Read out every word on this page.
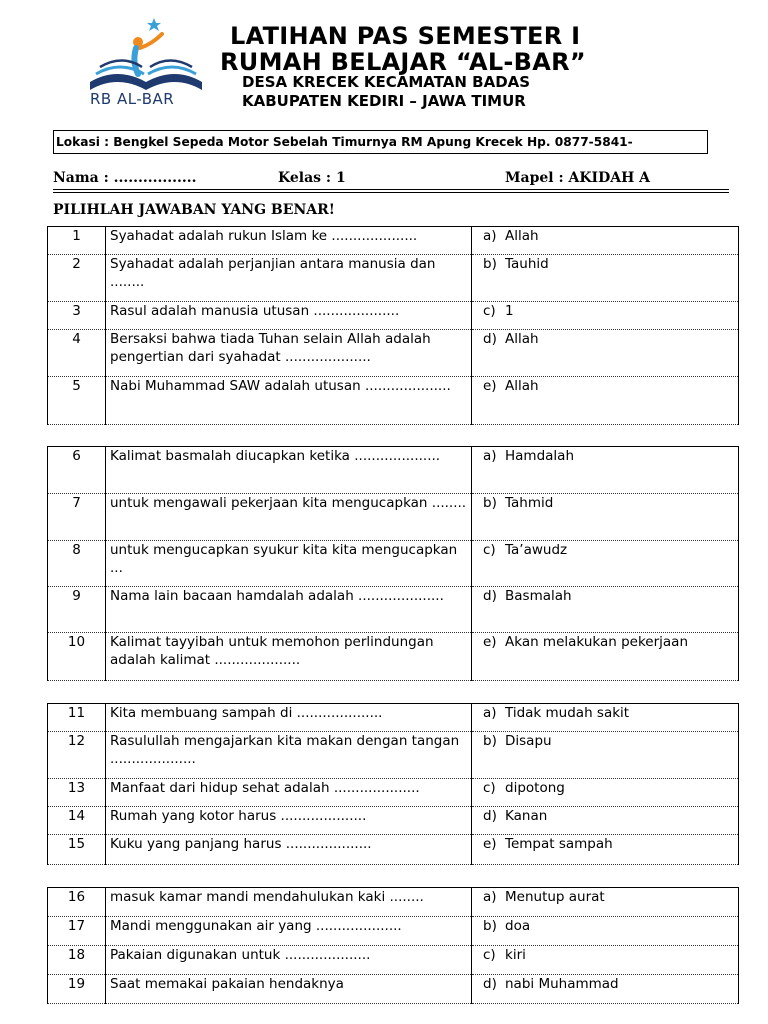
RB AL-BAR
LATIHAN PAS SEMESTER I
RUMAH BELAJAR “AL-BAR”
DESA KRECEK KECAMATAN BADAS
KABUPATEN KEDIRI – JAWA TIMUR
Lokasi : Bengkel Sepeda Motor Sebelah Timurnya RM Apung Krecek Hp. 0877-5841-
Nama : .................	Kelas : 1	Mapel : AKIDAH A
PILIHLAH JAWABAN YANG BENAR!
1	Syahadat adalah rukun Islam ke ....................	a) Allah
2	Syahadat adalah perjanjian antara manusia dan ........	b) Tauhid
3	Rasul adalah manusia utusan ....................	c) 1
4	Bersaksi bahwa tiada Tuhan selain Allah adalah pengertian dari syahadat ....................	d) Allah
5	Nabi Muhammad SAW adalah utusan ....................	e) Allah
6	Kalimat basmalah diucapkan ketika ....................	a) Hamdalah
7	untuk mengawali pekerjaan kita mengucapkan ........	b) Tahmid
8	untuk mengucapkan syukur kita kita mengucapkan ...	c) Ta’awudz
9	Nama lain bacaan hamdalah adalah ....................	d) Basmalah
10	Kalimat tayyibah untuk memohon perlindungan adalah kalimat ....................	e) Akan melakukan pekerjaan
11	Kita membuang sampah di ....................	a) Tidak mudah sakit
12	Rasulullah mengajarkan kita makan dengan tangan ....................	b) Disapu
13	Manfaat dari hidup sehat adalah ....................	c) dipotong
14	Rumah yang kotor harus ....................	d) Kanan
15	Kuku yang panjang harus ....................	e) Tempat sampah
16	masuk kamar mandi mendahulukan kaki ........	a) Menutup aurat
17	Mandi menggunakan air yang ....................	b) doa
18	Pakaian digunakan untuk ....................	c) kiri
19	Saat memakai pakaian hendaknya	d) nabi Muhammad
